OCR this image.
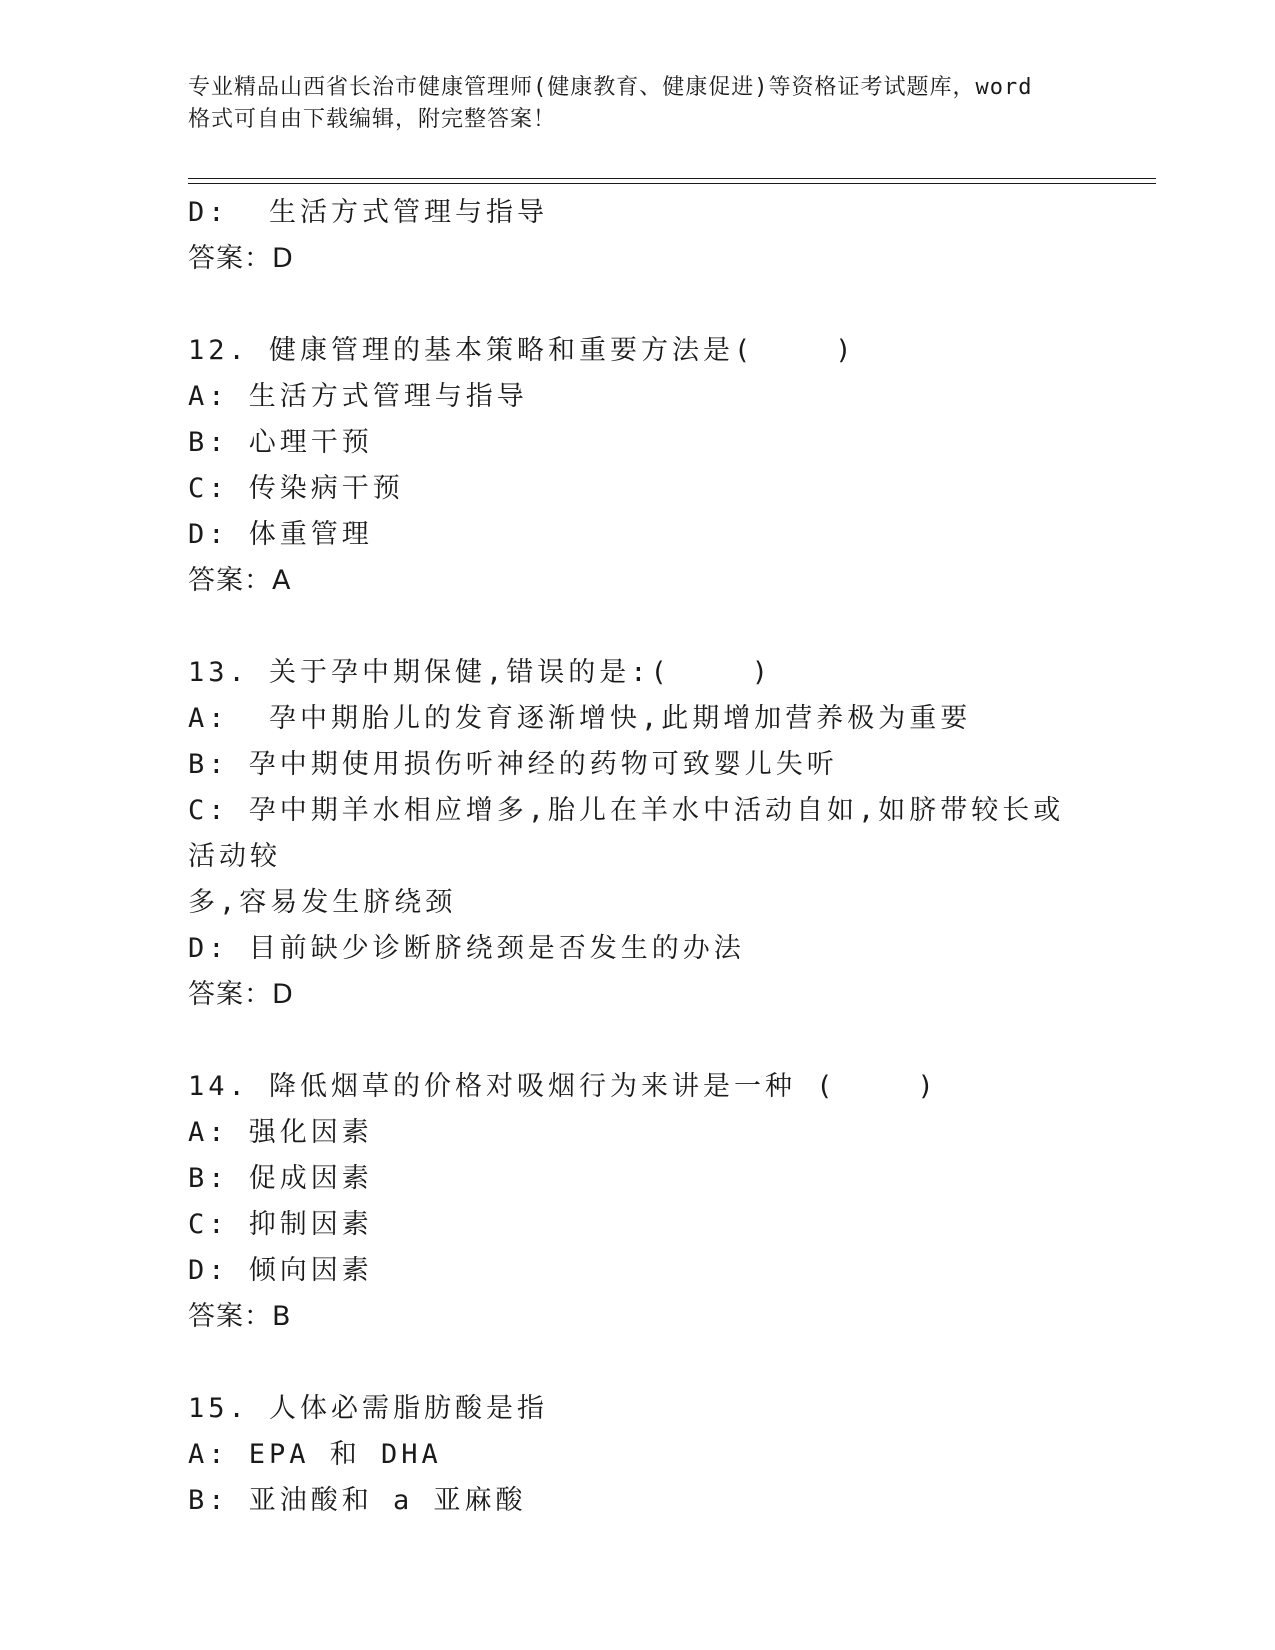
专业精品山西省长治市健康管理师(健康教育、健康促进)等资格证考试题库，word
格式可自由下载编辑，附完整答案！

D:  生活方式管理与指导

答案：D

12. 健康管理的基本策略和重要方法是(    )

A: 生活方式管理与指导

B: 心理干预

C: 传染病干预

D: 体重管理

答案：A

13. 关于孕中期保健,错误的是:(    )

A:  孕中期胎儿的发育逐渐增快,此期增加营养极为重要

B: 孕中期使用损伤听神经的药物可致婴儿失听

C: 孕中期羊水相应增多,胎儿在羊水中活动自如,如脐带较长或活动较

多,容易发生脐绕颈

D: 目前缺少诊断脐绕颈是否发生的办法

答案：D

14. 降低烟草的价格对吸烟行为来讲是一种 (    )

A: 强化因素

B: 促成因素

C: 抑制因素

D: 倾向因素

答案：B

15. 人体必需脂肪酸是指

A: EPA 和 DHA

B: 亚油酸和 a 亚麻酸
